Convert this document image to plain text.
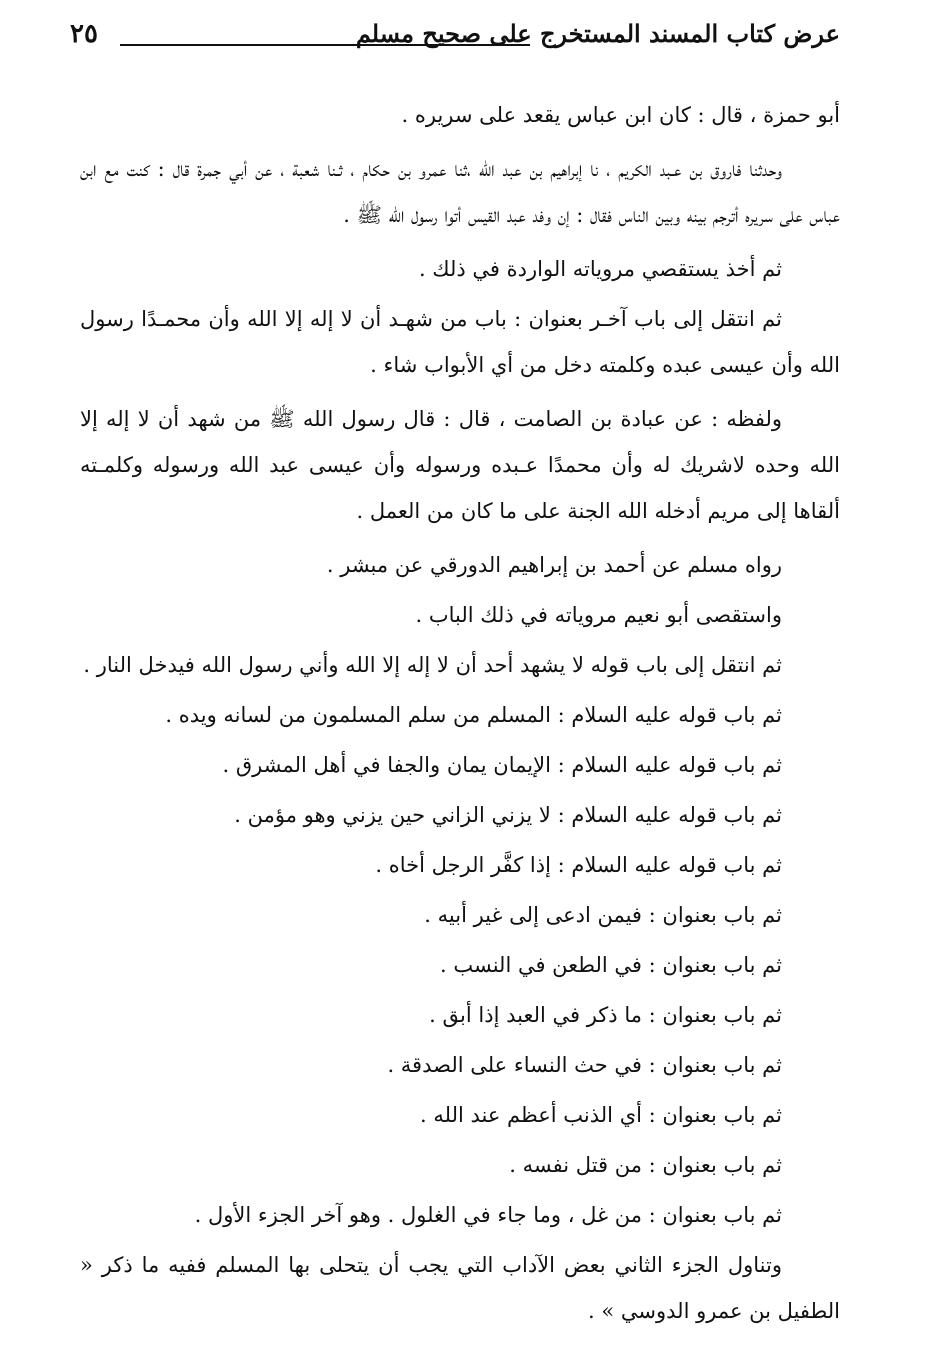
عرض كتاب المسند المستخرج على صحيح مسلم
٢٥

أبو حمزة ، قال : كان ابن عباس يقعد على سريره .

وحدثنا فاروق بن عـبد الكريم ، نا إبراهيم بن عبد الله ،ثنا عمرو بن حكام ، ثـنا شعبة ، عن أبي جمرة قال : كنت مع ابن عباس على سريره أترجم بينه وبين الناس فقال : إن وفد عبد القيس أتوا رسول الله ﷺ .

ثم أخذ يستقصي مروياته الواردة في ذلك .

ثم انتقل إلى باب آخـر بعنوان : باب من شهـد أن لا إله إلا الله وأن محمـدًا رسول الله وأن عيسى عبده وكلمته دخل من أي الأبواب شاء .

ولفظه : عن عبادة بن الصامت ، قال : قال رسول الله ﷺ من شهد أن لا إله إلا الله وحده لاشريك له وأن محمدًا عـبده ورسوله وأن عيسى عبد الله ورسوله وكلمـته ألقاها إلى مريم أدخله الله الجنة على ما كان من العمل .

رواه مسلم عن أحمد بن إبراهيم الدورقي عن مبشر .

واستقصى أبو نعيم مروياته في ذلك الباب .

ثم انتقل إلى باب قوله لا يشهد أحد أن لا إله إلا الله وأني رسول الله فيدخل النار .

ثم باب قوله عليه السلام : المسلم من سلم المسلمون من لسانه ويده .

ثم باب قوله عليه السلام : الإيمان يمان والجفا في أهل المشرق .

ثم باب قوله عليه السلام : لا يزني الزاني حين يزني وهو مؤمن .

ثم باب قوله عليه السلام : إذا كفَّر الرجل أخاه .

ثم باب بعنوان : فيمن ادعى إلى غير أبيه .

ثم باب بعنوان : في الطعن في النسب .

ثم باب بعنوان : ما ذكر في العبد إذا أبق .

ثم باب بعنوان : في حث النساء على الصدقة .

ثم باب بعنوان : أي الذنب أعظم عند الله .

ثم باب بعنوان : من قتل نفسه .

ثم باب بعنوان : من غل ، وما جاء في الغلول . وهو آخر الجزء الأول .

وتناول الجزء الثاني بعض الآداب التي يجب أن يتحلى بها المسلم ففيه ما ذكر « الطفيل بن عمرو الدوسي » .
